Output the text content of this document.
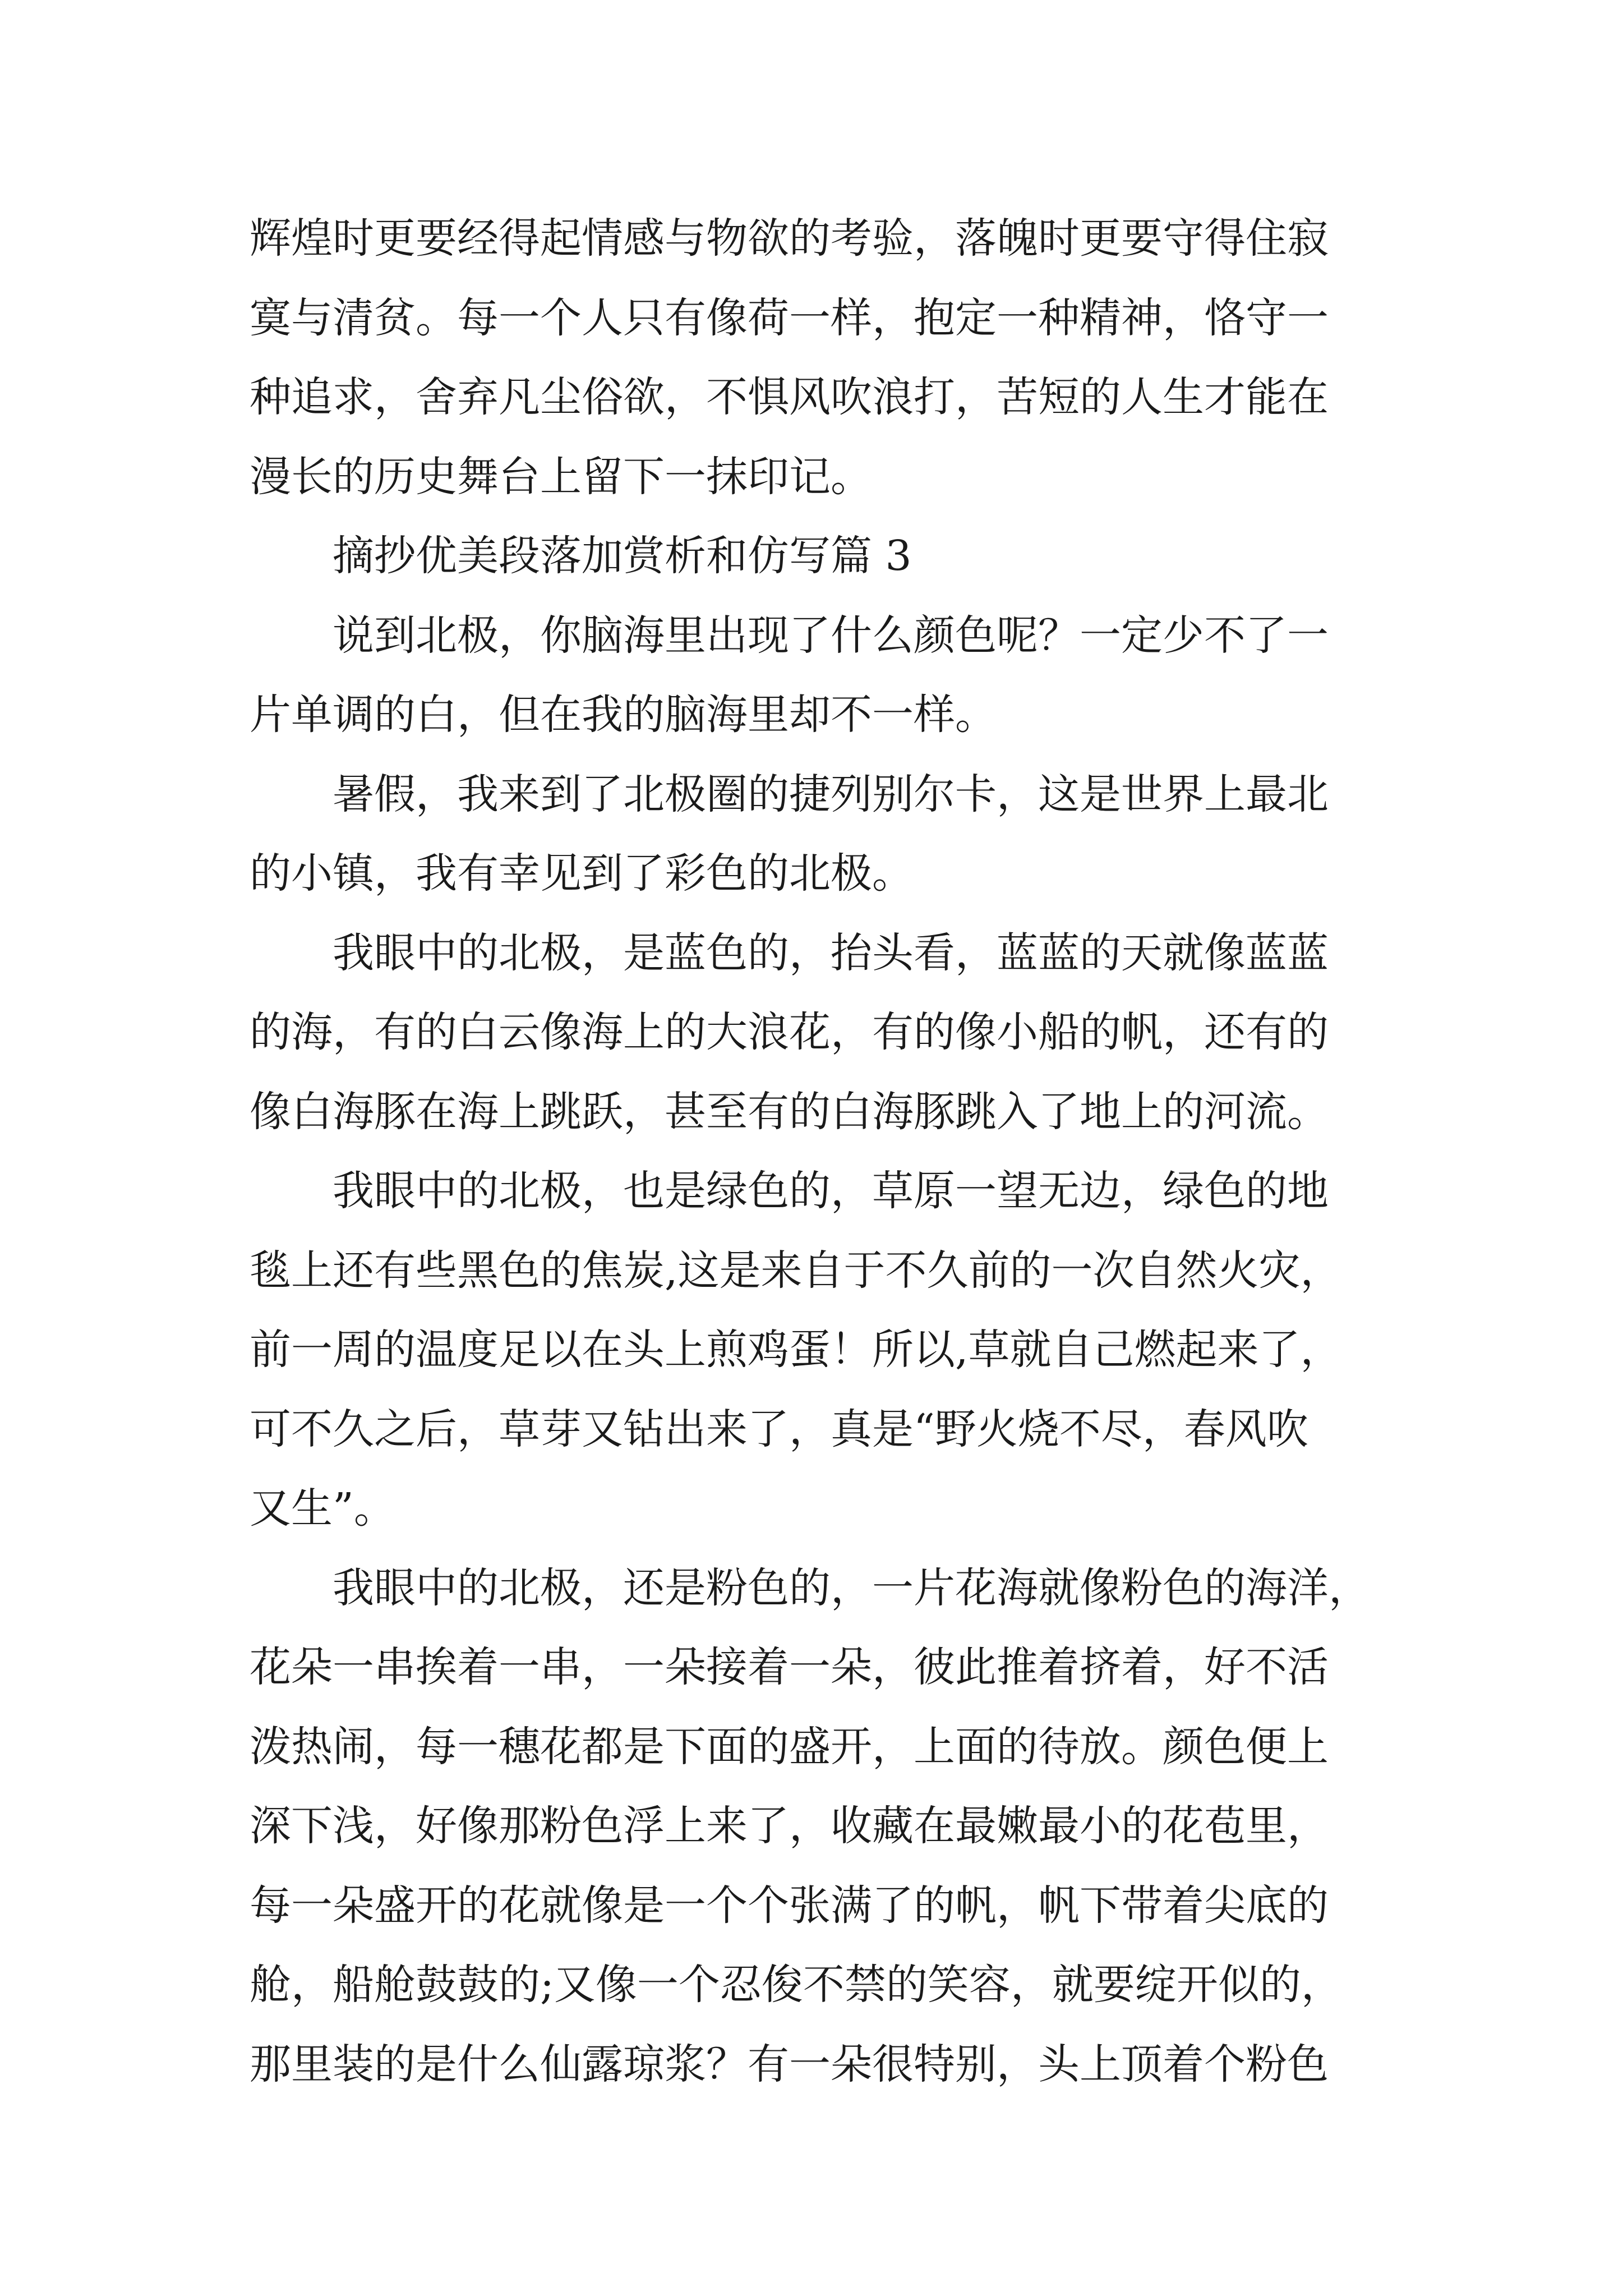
辉煌时更要经得起情感与物欲的考验，落魄时更要守得住寂
寞与清贫。每一个人只有像荷一样，抱定一种精神，恪守一
种追求，舍弃凡尘俗欲，不惧风吹浪打，苦短的人生才能在
漫长的历史舞台上留下一抹印记。
摘抄优美段落加赏析和仿写篇 3
说到北极，你脑海里出现了什么颜色呢？一定少不了一
片单调的白，但在我的脑海里却不一样。
暑假，我来到了北极圈的捷列别尔卡，这是世界上最北
的小镇，我有幸见到了彩色的北极。
我眼中的北极，是蓝色的，抬头看，蓝蓝的天就像蓝蓝
的海，有的白云像海上的大浪花，有的像小船的帆，还有的
像白海豚在海上跳跃，甚至有的白海豚跳入了地上的河流。
我眼中的北极，也是绿色的，草原一望无边，绿色的地
毯上还有些黑色的焦炭,这是来自于不久前的一次自然火灾，
前一周的温度足以在头上煎鸡蛋！所以,草就自己燃起来了，
可不久之后，草芽又钻出来了，真是“野火烧不尽，春风吹
又生”。
我眼中的北极，还是粉色的，一片花海就像粉色的海洋，
花朵一串挨着一串，一朵接着一朵，彼此推着挤着，好不活
泼热闹，每一穗花都是下面的盛开，上面的待放。颜色便上
深下浅，好像那粉色浮上来了，收藏在最嫩最小的花苞里，
每一朵盛开的花就像是一个个张满了的帆，帆下带着尖底的
舱，船舱鼓鼓的;又像一个忍俊不禁的笑容，就要绽开似的，
那里装的是什么仙露琼浆？有一朵很特别，头上顶着个粉色
